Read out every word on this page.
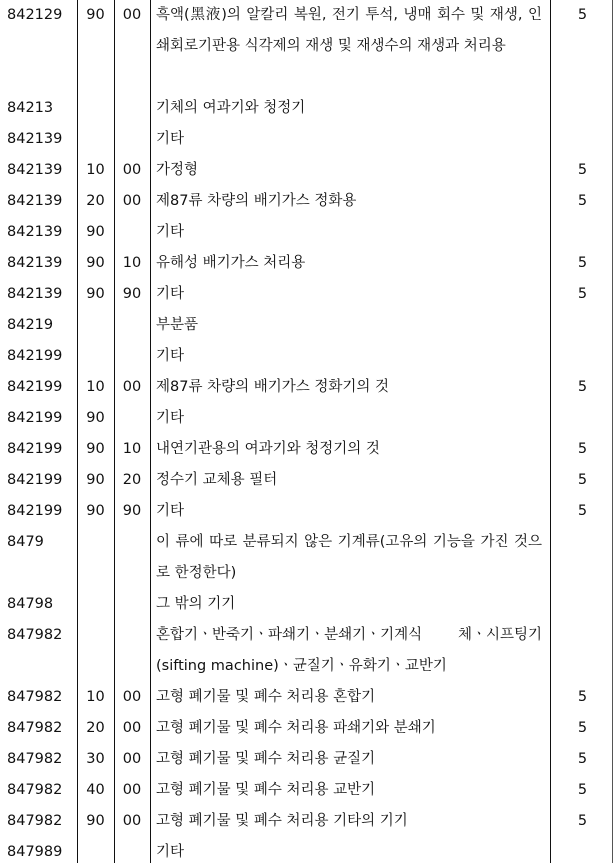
842129	90	00	흑액(黑液)의 알칼리 복원, 전기 투석, 냉매 회수 및 재생, 인쇄회로기판용 식각제의 재생 및 재생수의 재생과 처리용	5
84213			기체의 여과기와 청정기	
842139			기타	
842139	10	00	가정형	5
842139	20	00	제87류 차량의 배기가스 정화용	5
842139	90		기타	
842139	90	10	유해성 배기가스 처리용	5
842139	90	90	기타	5
84219			부분품	
842199			기타	
842199	10	00	제87류 차량의 배기가스 정화기의 것	5
842199	90		기타	
842199	90	10	내연기관용의 여과기와 청정기의 것	5
842199	90	20	정수기 교체용 필터	5
842199	90	90	기타	5
8479			이 류에 따로 분류되지 않은 기계류(고유의 기능을 가진 것으로 한정한다)	
84798			그 밖의 기기	
847982			혼합기ㆍ반죽기ㆍ파쇄기ㆍ분쇄기ㆍ기계식 체ㆍ시프팅기(sifting machine)ㆍ균질기ㆍ유화기ㆍ교반기	
847982	10	00	고형 폐기물 및 폐수 처리용 혼합기	5
847982	20	00	고형 폐기물 및 폐수 처리용 파쇄기와 분쇄기	5
847982	30	00	고형 폐기물 및 폐수 처리용 균질기	5
847982	40	00	고형 폐기물 및 폐수 처리용 교반기	5
847982	90	00	고형 폐기물 및 폐수 처리용 기타의 기기	5
847989			기타	
